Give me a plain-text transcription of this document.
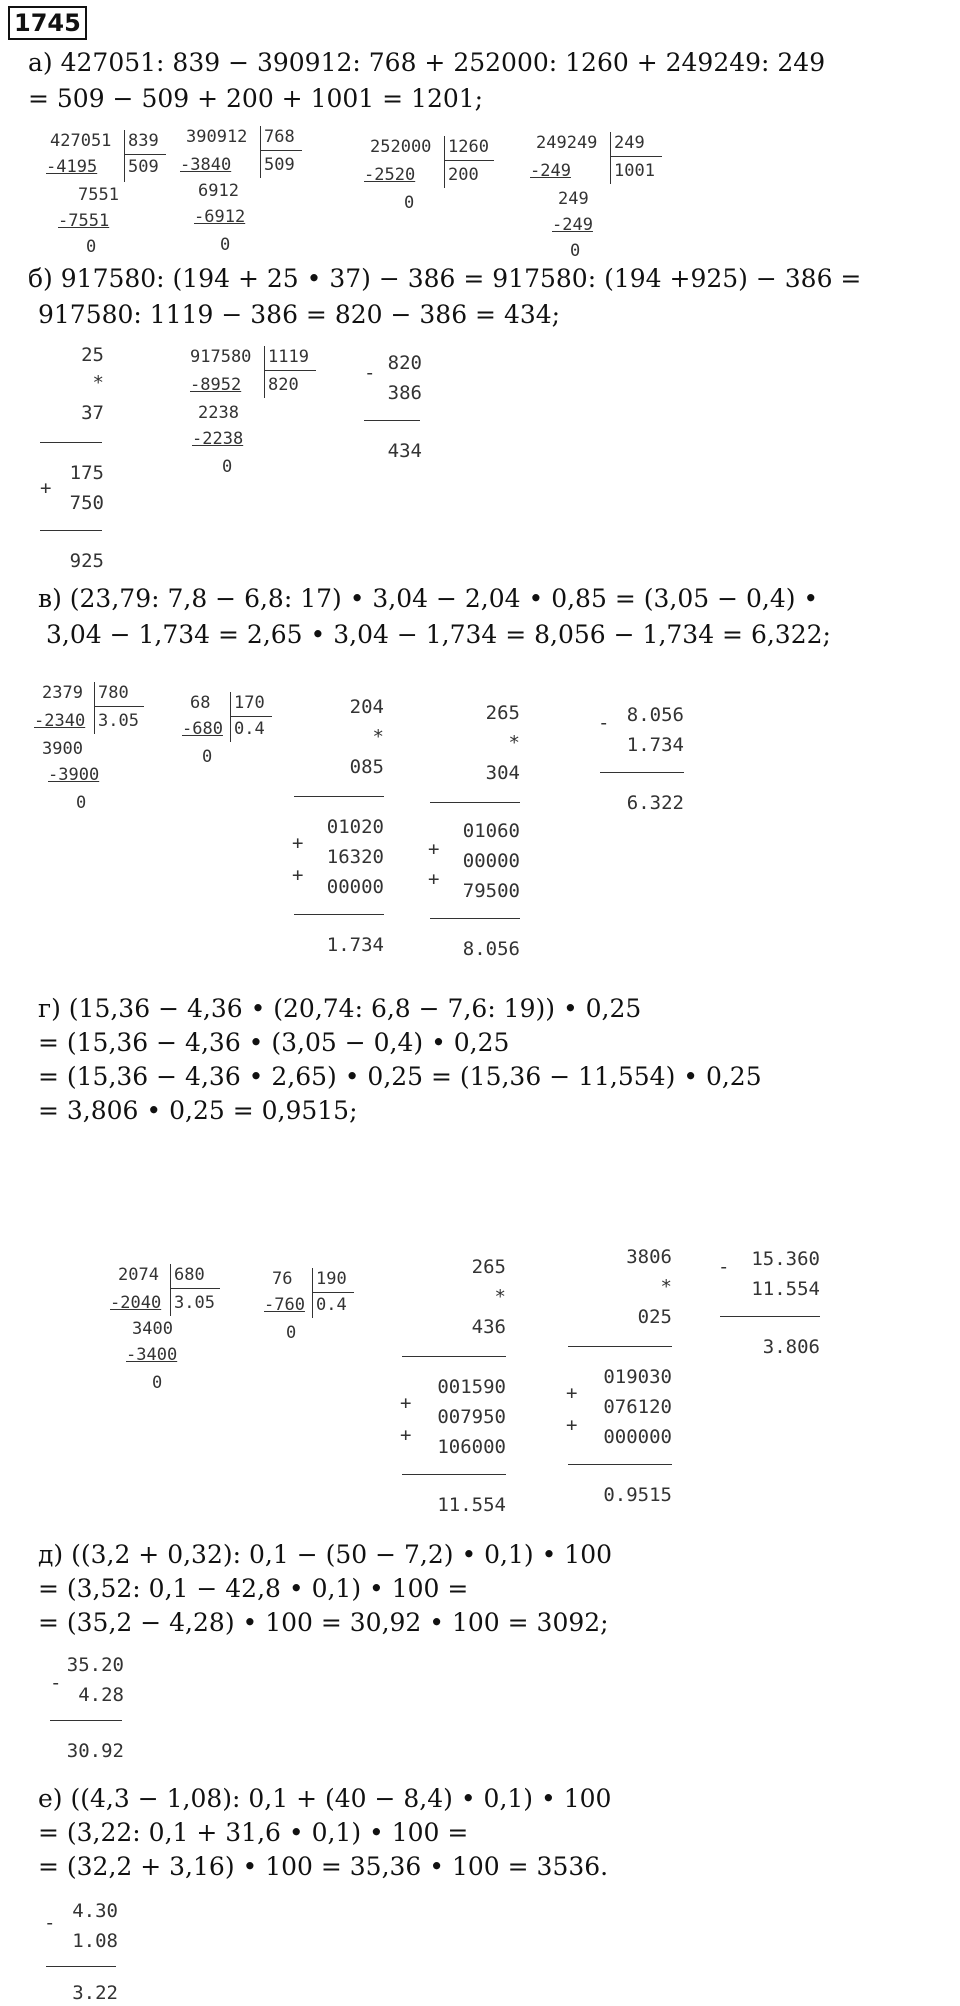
1745
а) 427051: 839 − 390912: 768 + 252000: 1260 + 249249: 249
= 509 − 509 + 200 + 1001 = 1201;
427051 839
509
-4195
7551
-7551
0
390912 768
509
-3840
6912
-6912
0
252000 1260
200
-2520
0
249249 249
1001
-249
249
-249
0
б) 917580: (194 + 25 • 37) − 386 = 917580: (194 +925) − 386 =
917580: 1119 − 386 = 820 − 386 = 434;
25
*
37
175
+
750
925
917580 1119
820
-8952
2238
-2238
0
- 820
386
434
в) (23,79: 7,8 − 6,8: 17) • 3,04 − 2,04 • 0,85 = (3,05 − 0,4) •
3,04 − 1,734 = 2,65 • 3,04 − 1,734 = 8,056 − 1,734 = 6,322;
2379 780
3.05
-2340
3900
-3900
0
68 170
0.4
-680
0
204
*
085
01020
+
16320
+
00000
1.734
265
*
304
01060
+
00000
+
79500
8.056
- 8.056
1.734
6.322
г) (15,36 − 4,36 • (20,74: 6,8 − 7,6: 19)) • 0,25
= (15,36 − 4,36 • (3,05 − 0,4) • 0,25
= (15,36 − 4,36 • 2,65) • 0,25 = (15,36 − 11,554) • 0,25
= 3,806 • 0,25 = 0,9515;
2074 680
3.05
-2040
3400
-3400
0
76 190
0.4
-760
0
265
*
436
001590
+
007950
+
106000
11.554
3806
*
025
019030
+
076120
+
000000
0.9515
-	15.360
11.554
3.806
д) ((3,2 + 0,32): 0,1 − (50 − 7,2) • 0,1) • 100
= (3,52: 0,1 − 42,8 • 0,1) • 100 =
= (35,2 − 4,28) • 100 = 30,92 • 100 = 3092;
35.20
-
4.28
30.92
е) ((4,3 − 1,08): 0,1 + (40 − 8,4) • 0,1) • 100
= (3,22: 0,1 + 31,6 • 0,1) • 100 =
= (32,2 + 3,16) • 100 = 35,36 • 100 = 3536.
-
4.30
1.08
3.22
